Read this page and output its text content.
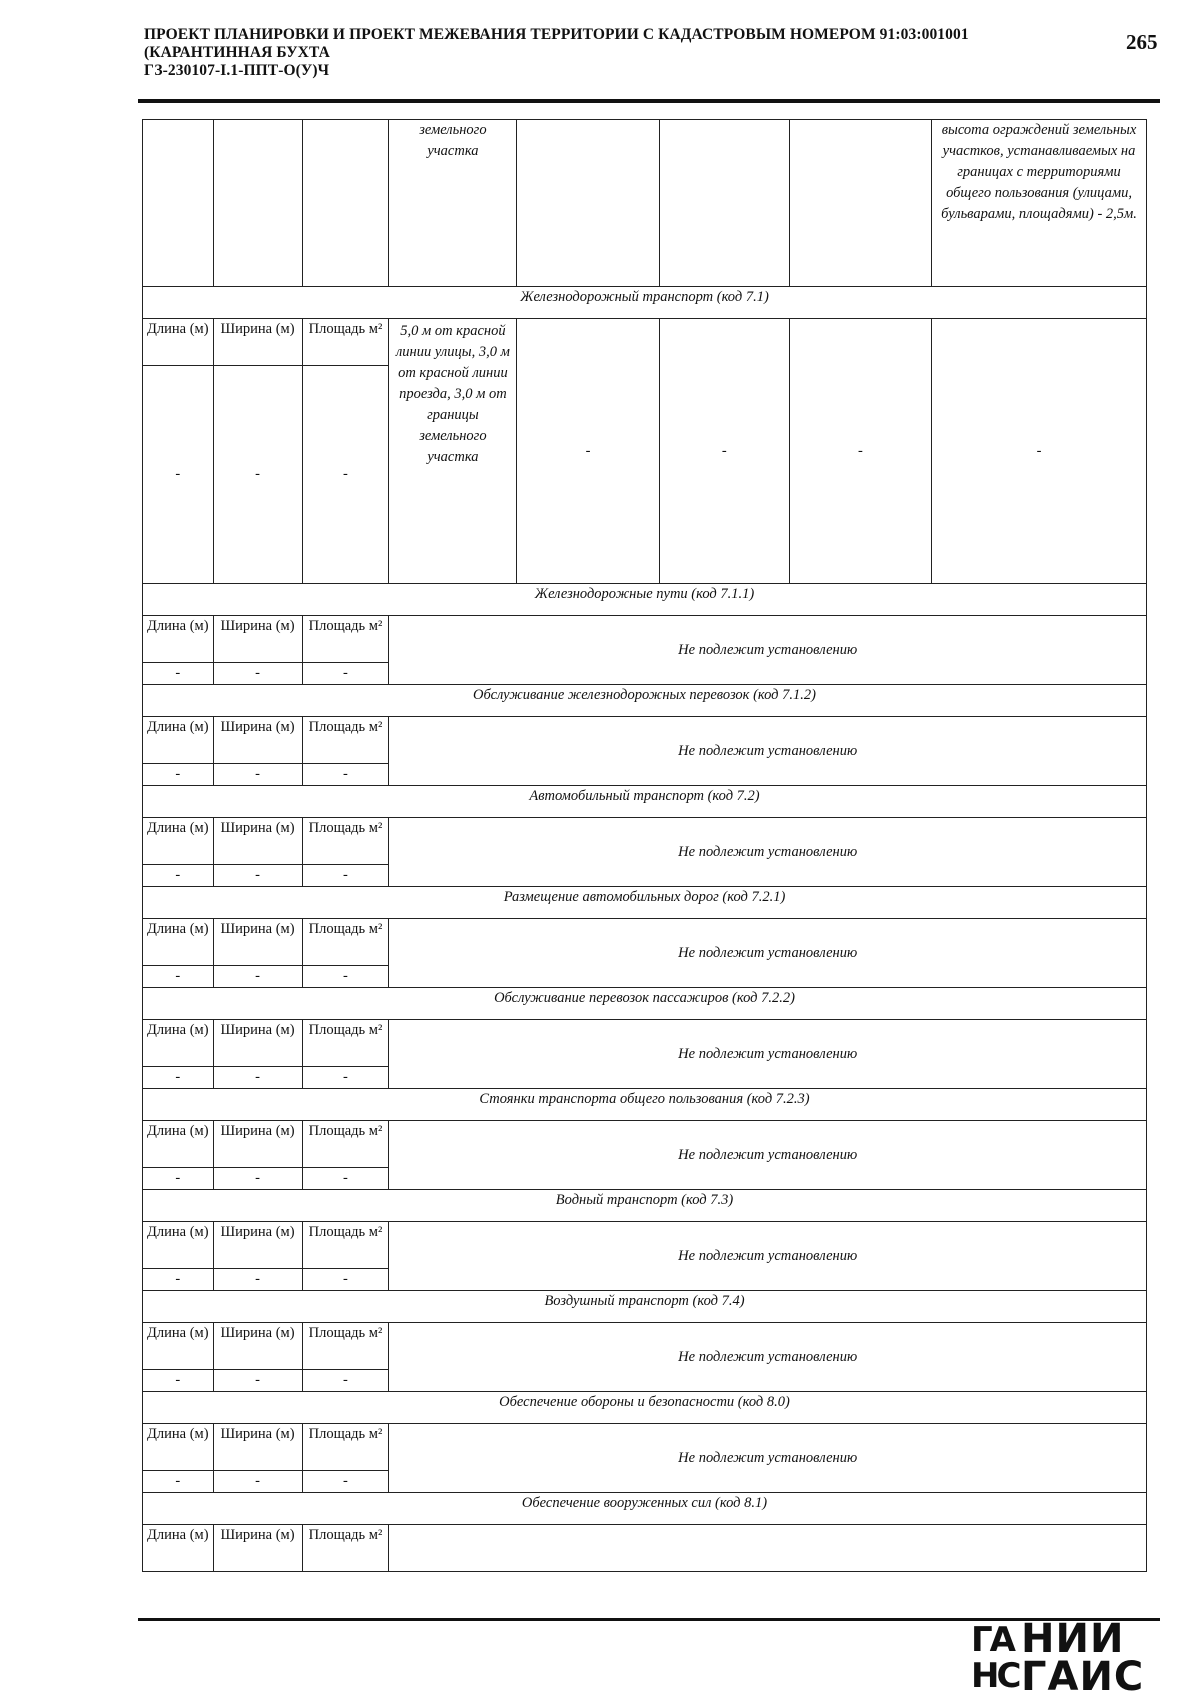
ПРОЕКТ ПЛАНИРОВКИ И ПРОЕКТ МЕЖЕВАНИЯ ТЕРРИТОРИИ С КАДАСТРОВЫМ НОМЕРОМ 91:03:001001
(КАРАНТИННАЯ БУХТА
ГЗ-230107-I.1-ППТ-О(У)Ч
265
			земельного участка				высота ограждений земельных участков, устанавливаемых на границах с территориями общего пользования (улицами, бульварами, площадями) - 2,5м.
Железнодорожный транспорт (код 7.1)							
Длина (м)	Ширина (м)	Площадь м²	5,0 м от красной линии улицы, 3,0 м от красной линии проезда, 3,0 м от границы земельного участка	-	-	-	-
-	-	-					
Железнодорожные пути (код 7.1.1)							
Длина (м)	Ширина (м)	Площадь м²	Не подлежит установлению				
-	-	-					
Обслуживание железнодорожных перевозок (код 7.1.2)							
Длина (м)	Ширина (м)	Площадь м²	Не подлежит установлению				
-	-	-					
Автомобильный транспорт (код 7.2)							
Длина (м)	Ширина (м)	Площадь м²	Не подлежит установлению				
-	-	-					
Размещение автомобильных дорог (код 7.2.1)							
Длина (м)	Ширина (м)	Площадь м²	Не подлежит установлению				
-	-	-					
Обслуживание перевозок пассажиров (код 7.2.2)							
Длина (м)	Ширина (м)	Площадь м²	Не подлежит установлению				
-	-	-					
Стоянки транспорта общего пользования (код 7.2.3)							
Длина (м)	Ширина (м)	Площадь м²	Не подлежит установлению				
-	-	-					
Водный транспорт (код 7.3)							
Длина (м)	Ширина (м)	Площадь м²	Не подлежит установлению				
-	-	-					
Воздушный транспорт (код 7.4)							
Длина (м)	Ширина (м)	Площадь м²	Не подлежит установлению				
-	-	-					
Обеспечение обороны и безопасности (код 8.0)							
Длина (м)	Ширина (м)	Площадь м²	Не подлежит установлению				
-	-	-					
Обеспечение вооруженных сил (код 8.1)							
Длина (м)	Ширина (м)	Площадь м²					
ГА НС
НИИ
ГАИС
